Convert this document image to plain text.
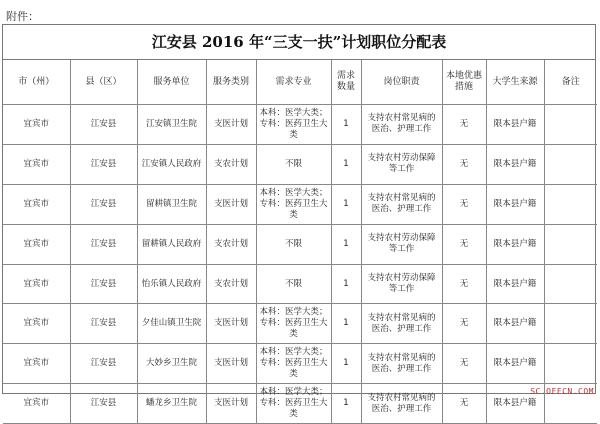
附件：
江安县 2016 年“三支一扶”计划职位分配表
市（州）	县（区）	服务单位	服务类别	需求专业	需求数量	岗位职责	本地优惠措施	大学生来源	备注
宜宾市	江安县	江安镇卫生院	支医计划	本科：医学大类；专科：医药卫生大类	1	支持农村常见病的医治、护理工作	无	限本县户籍	
宜宾市	江安县	江安镇人民政府	支农计划	不限	1	支持农村劳动保障等工作	无	限本县户籍	
宜宾市	江安县	留耕镇卫生院	支医计划	本科：医学大类；专科：医药卫生大类	1	支持农村常见病的医治、护理工作	无	限本县户籍	
宜宾市	江安县	留耕镇人民政府	支农计划	不限	1	支持农村劳动保障等工作	无	限本县户籍	
宜宾市	江安县	怡乐镇人民政府	支农计划	不限	1	支持农村劳动保障等工作	无	限本县户籍	
宜宾市	江安县	夕佳山镇卫生院	支医计划	本科：医学大类；专科：医药卫生大类	1	支持农村常见病的医治、护理工作	无	限本县户籍	
宜宾市	江安县	大妙乡卫生院	支医计划	本科：医学大类；专科：医药卫生大类	1	支持农村常见病的医治、护理工作	无	限本县户籍	
宜宾市	江安县	蟠龙乡卫生院	支医计划	本科：医学大类；专科：医药卫生大类	1	支持农村常见病的医治、护理工作	无	限本县户籍	
SC.OFFCN.COM
